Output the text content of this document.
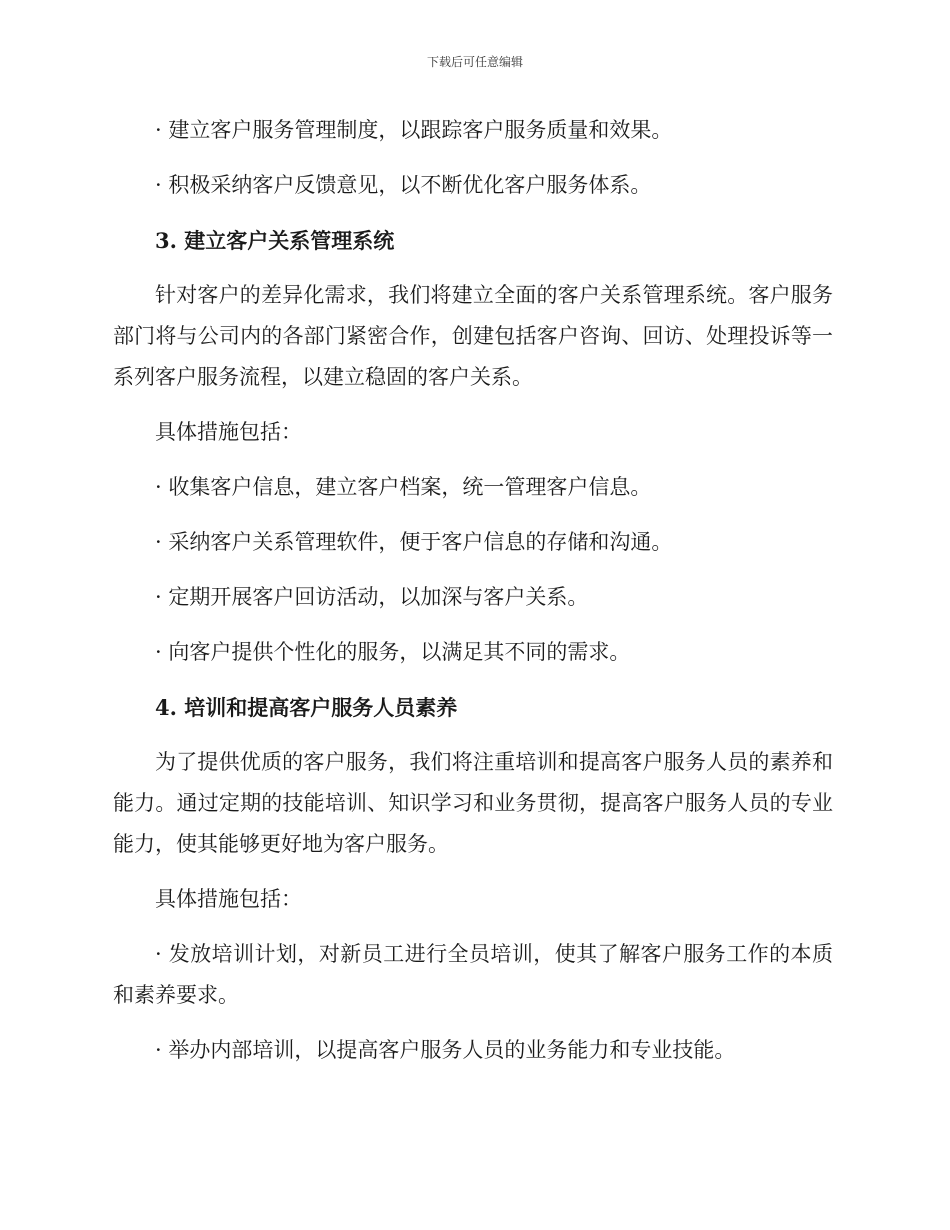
下载后可任意编辑

· 建立客户服务管理制度，以跟踪客户服务质量和效果。

· 积极采纳客户反馈意见，以不断优化客户服务体系。

3. 建立客户关系管理系统

针对客户的差异化需求，我们将建立全面的客户关系管理系统。客户服务部门将与公司内的各部门紧密合作，创建包括客户咨询、回访、处理投诉等一系列客户服务流程，以建立稳固的客户关系。

具体措施包括：

· 收集客户信息，建立客户档案，统一管理客户信息。

· 采纳客户关系管理软件，便于客户信息的存储和沟通。

· 定期开展客户回访活动，以加深与客户关系。

· 向客户提供个性化的服务，以满足其不同的需求。

4. 培训和提高客户服务人员素养

为了提供优质的客户服务，我们将注重培训和提高客户服务人员的素养和能力。通过定期的技能培训、知识学习和业务贯彻，提高客户服务人员的专业能力，使其能够更好地为客户服务。

具体措施包括：

· 发放培训计划，对新员工进行全员培训，使其了解客户服务工作的本质和素养要求。

· 举办内部培训，以提高客户服务人员的业务能力和专业技能。
